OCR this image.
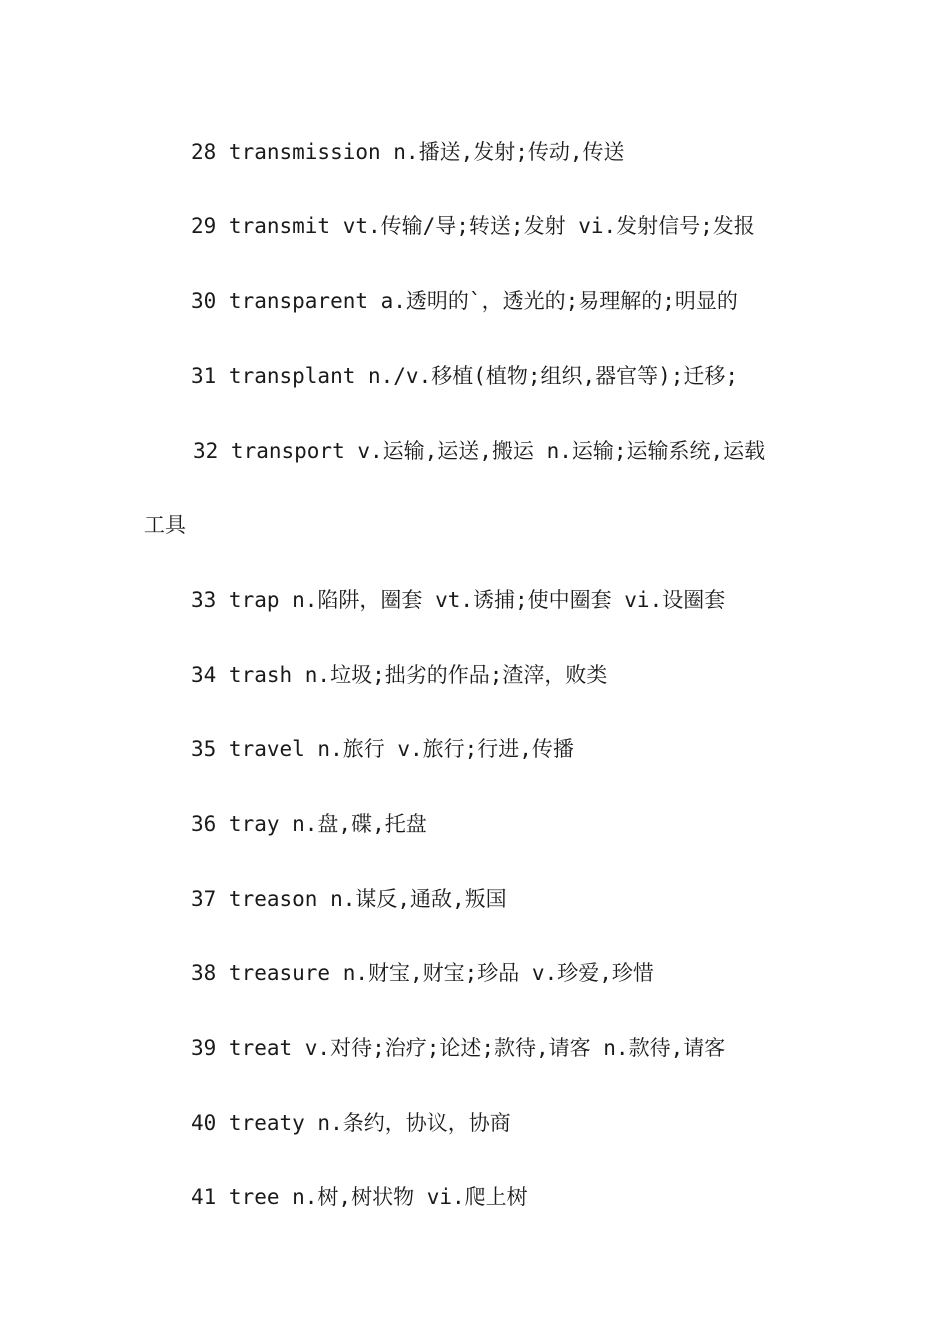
28 transmission n.播送,发射;传动,传送
29 transmit vt.传输/导;转送;发射 vi.发射信号;发报
30 transparent a.透明的`，透光的;易理解的;明显的
31 transplant n./v.移植(植物;组织,器官等);迁移;
32 transport v.运输,运送,搬运 n.运输;运输系统,运载
工具
33 trap n.陷阱，圈套 vt.诱捕;使中圈套 vi.设圈套
34 trash n.垃圾;拙劣的作品;渣滓，败类
35 travel n.旅行 v.旅行;行进,传播
36 tray n.盘,碟,托盘
37 treason n.谋反,通敌,叛国
38 treasure n.财宝,财宝;珍品 v.珍爱,珍惜
39 treat v.对待;治疗;论述;款待,请客 n.款待,请客
40 treaty n.条约，协议，协商
41 tree n.树,树状物 vi.爬上树
